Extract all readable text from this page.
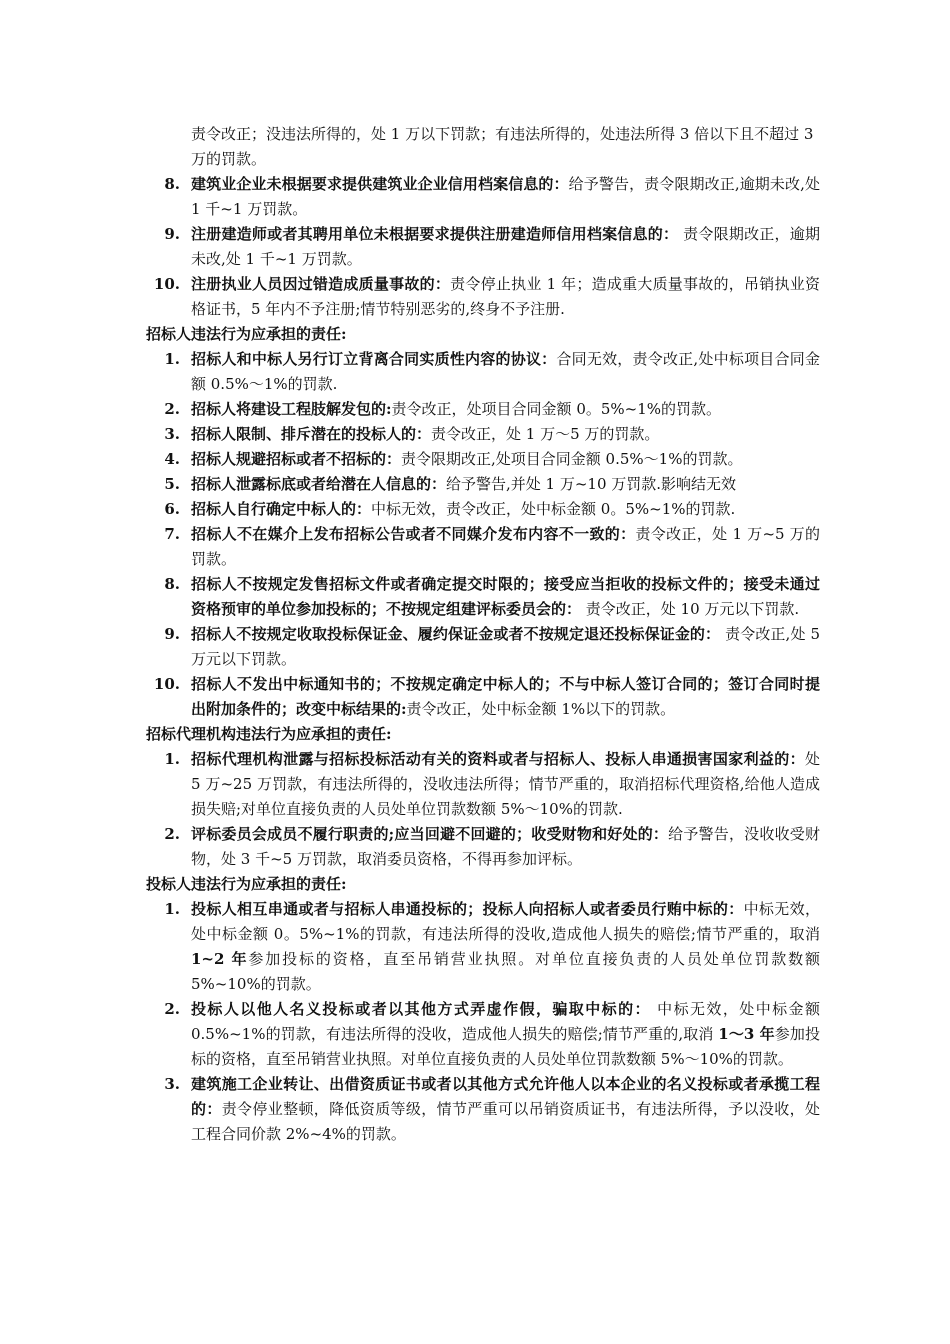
责令改正；没违法所得的，处 1 万以下罚款；有违法所得的，处违法所得 3 倍以下且不超过 3 万的罚款。

8. 建筑业企业未根据要求提供建筑业企业信用档案信息的：给予警告，责令限期改正,逾期未改,处 1 千~1 万罚款。
9. 注册建造师或者其聘用单位未根据要求提供注册建造师信用档案信息的： 责令限期改正，逾期未改,处 1 千~1 万罚款。
10. 注册执业人员因过错造成质量事故的：责令停止执业 1 年；造成重大质量事故的，吊销执业资格证书，5 年内不予注册;情节特别恶劣的,终身不予注册.

招标人违法行为应承担的责任:

1. 招标人和中标人另行订立背离合同实质性内容的协议：合同无效，责令改正,处中标项目合同金额 0.5%～1%的罚款.
2. 招标人将建设工程肢解发包的:责令改正，处项目合同金额 0。5%~1%的罚款。
3. 招标人限制、排斥潜在的投标人的：责令改正，处 1 万～5 万的罚款。
4. 招标人规避招标或者不招标的：责令限期改正,处项目合同金额 0.5%～1%的罚款。
5. 招标人泄露标底或者给潜在人信息的：给予警告,并处 1 万~10 万罚款.影响结无效
6. 招标人自行确定中标人的：中标无效，责令改正，处中标金额 0。5%~1%的罚款.
7. 招标人不在媒介上发布招标公告或者不同媒介发布内容不一致的：责令改正，处 1 万~5 万的罚款。
8. 招标人不按规定发售招标文件或者确定提交时限的；接受应当拒收的投标文件的；接受未通过资格预审的单位参加投标的；不按规定组建评标委员会的： 责令改正，处 10 万元以下罚款.
9. 招标人不按规定收取投标保证金、履约保证金或者不按规定退还投标保证金的： 责令改正,处 5 万元以下罚款。
10. 招标人不发出中标通知书的；不按规定确定中标人的；不与中标人签订合同的；签订合同时提出附加条件的；改变中标结果的:责令改正，处中标金额 1%以下的罚款。

招标代理机构违法行为应承担的责任:

1. 招标代理机构泄露与招标投标活动有关的资料或者与招标人、投标人串通损害国家利益的：处 5 万~25 万罚款，有违法所得的，没收违法所得；情节严重的，取消招标代理资格,给他人造成损失赔;对单位直接负责的人员处单位罚款数额 5%～10%的罚款.
2. 评标委员会成员不履行职责的;应当回避不回避的；收受财物和好处的：给予警告，没收收受财物，处 3 千~5 万罚款，取消委员资格，不得再参加评标。

投标人违法行为应承担的责任:

1. 投标人相互串通或者与招标人串通投标的；投标人向招标人或者委员行贿中标的：中标无效，处中标金额 0。5%~1%的罚款，有违法所得的没收,造成他人损失的赔偿;情节严重的，取消 1~2 年参加投标的资格，直至吊销营业执照。对单位直接负责的人员处单位罚款数额 5%~10%的罚款。
2. 投标人以他人名义投标或者以其他方式弄虚作假，骗取中标的： 中标无效，处中标金额 0.5%~1%的罚款，有违法所得的没收，造成他人损失的赔偿;情节严重的,取消 1～3 年参加投标的资格，直至吊销营业执照。对单位直接负责的人员处单位罚款数额 5%～10%的罚款。
3. 建筑施工企业转让、出借资质证书或者以其他方式允许他人以本企业的名义投标或者承揽工程的：责令停业整顿，降低资质等级，情节严重可以吊销资质证书，有违法所得，予以没收，处工程合同价款 2%~4%的罚款。
